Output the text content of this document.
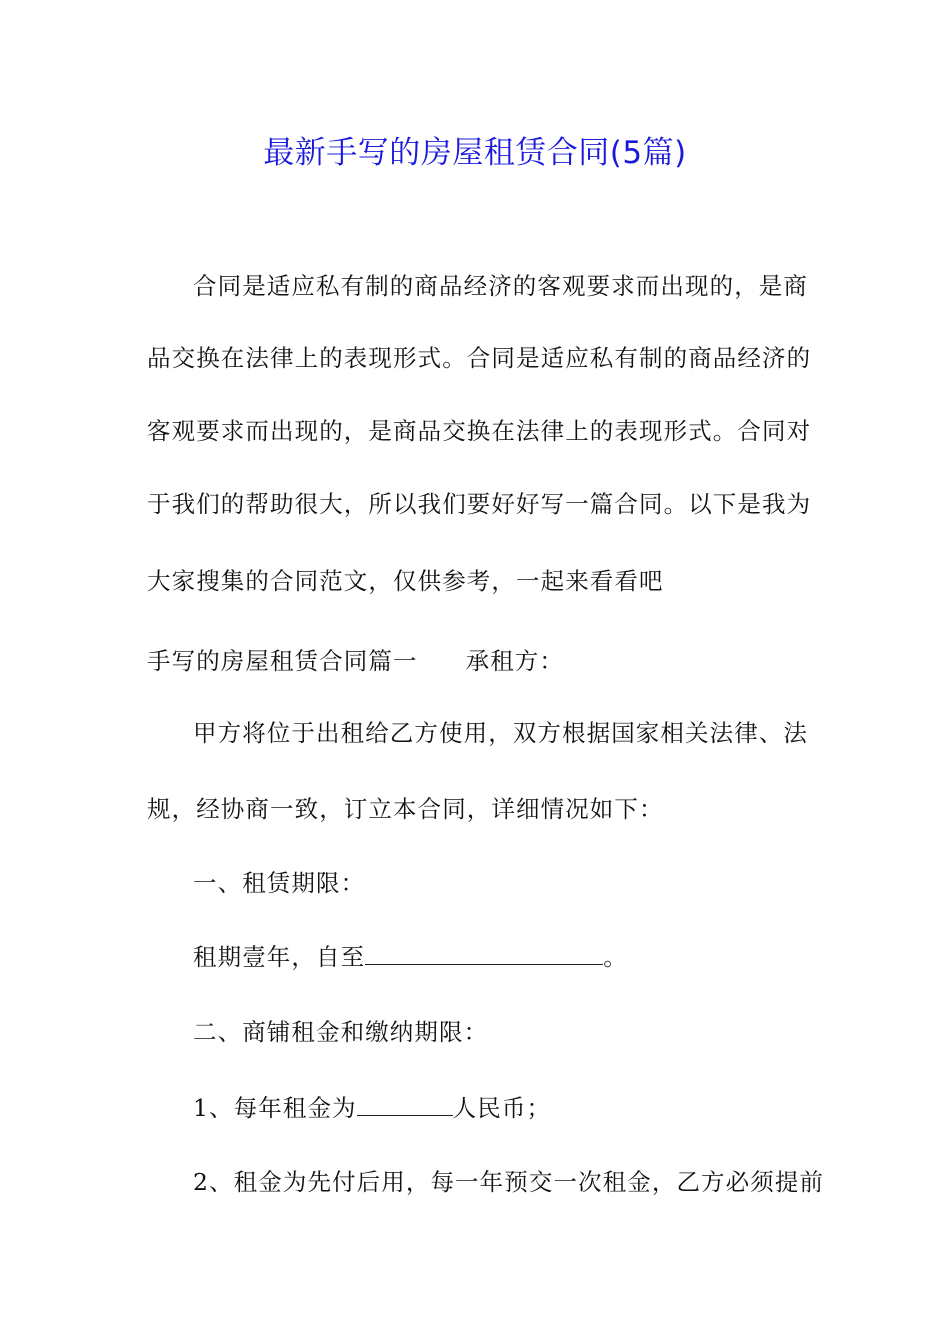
最新手写的房屋租赁合同(5篇)
合同是适应私有制的商品经济的客观要求而出现的，是商
品交换在法律上的表现形式。合同是适应私有制的商品经济的
客观要求而出现的，是商品交换在法律上的表现形式。合同对
于我们的帮助很大，所以我们要好好写一篇合同。以下是我为
大家搜集的合同范文，仅供参考，一起来看看吧
手写的房屋租赁合同篇一 承租方：
甲方将位于出租给乙方使用，双方根据国家相关法律、法
规，经协商一致，订立本合同，详细情况如下：
一、租赁期限：
租期壹年，自至	。
二、商铺租金和缴纳期限：
1、每年租金为	人民币；
2、租金为先付后用，每一年预交一次租金，乙方必须提前
